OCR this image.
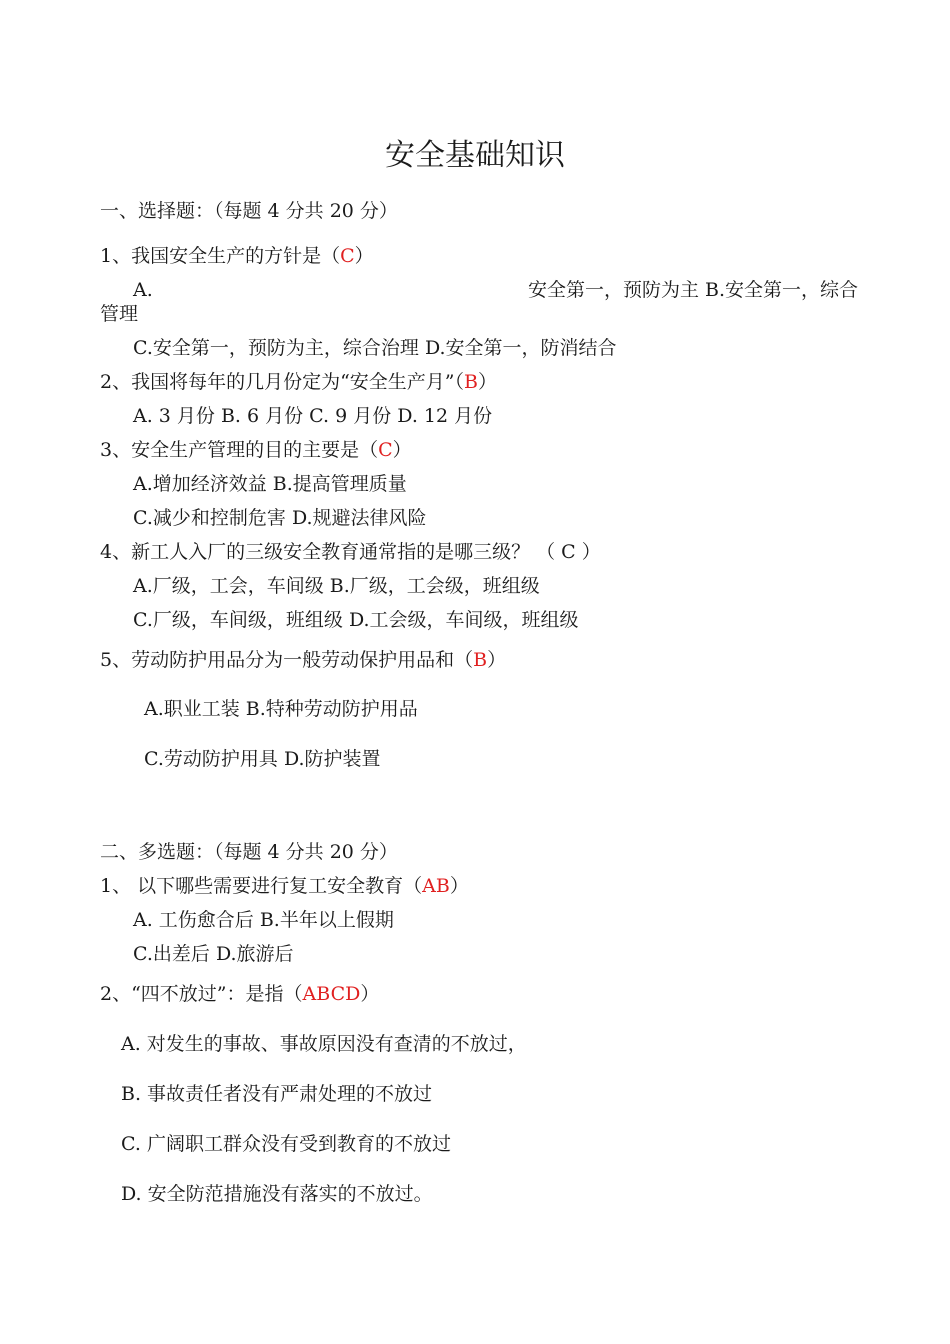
安全基础知识
一、选择题：（每题 4 分共 20 分）
1、我国安全生产的方针是（C）
A.	安全第一，预防为主 B.安全第一，综合
管理
C.安全第一，预防为主，综合治理 D.安全第一，防消结合
2、我国将每年的几月份定为“安全生产月”（B）
A. 3 月份 B. 6 月份 C. 9 月份 D. 12 月份
3、安全生产管理的目的主要是（C）
A.增加经济效益 B.提高管理质量
C.减少和控制危害 D.规避法律风险
4、新工人入厂的三级安全教育通常指的是哪三级？ （ C ）
A.厂级，工会，车间级 B.厂级，工会级，班组级
C.厂级，车间级，班组级 D.工会级，车间级，班组级
5、劳动防护用品分为一般劳动保护用品和（B）
A.职业工装 B.特种劳动防护用品
C.劳动防护用具 D.防护装置
二、多选题：（每题 4 分共 20 分）
1、 以下哪些需要进行复工安全教育（AB）
A. 工伤愈合后 B.半年以上假期
C.出差后 D.旅游后
2、“四不放过”：是指（ABCD）
A. 对发生的事故、事故原因没有查清的不放过，
B. 事故责任者没有严肃处理的不放过
C. 广阔职工群众没有受到教育的不放过
D. 安全防范措施没有落实的不放过。
